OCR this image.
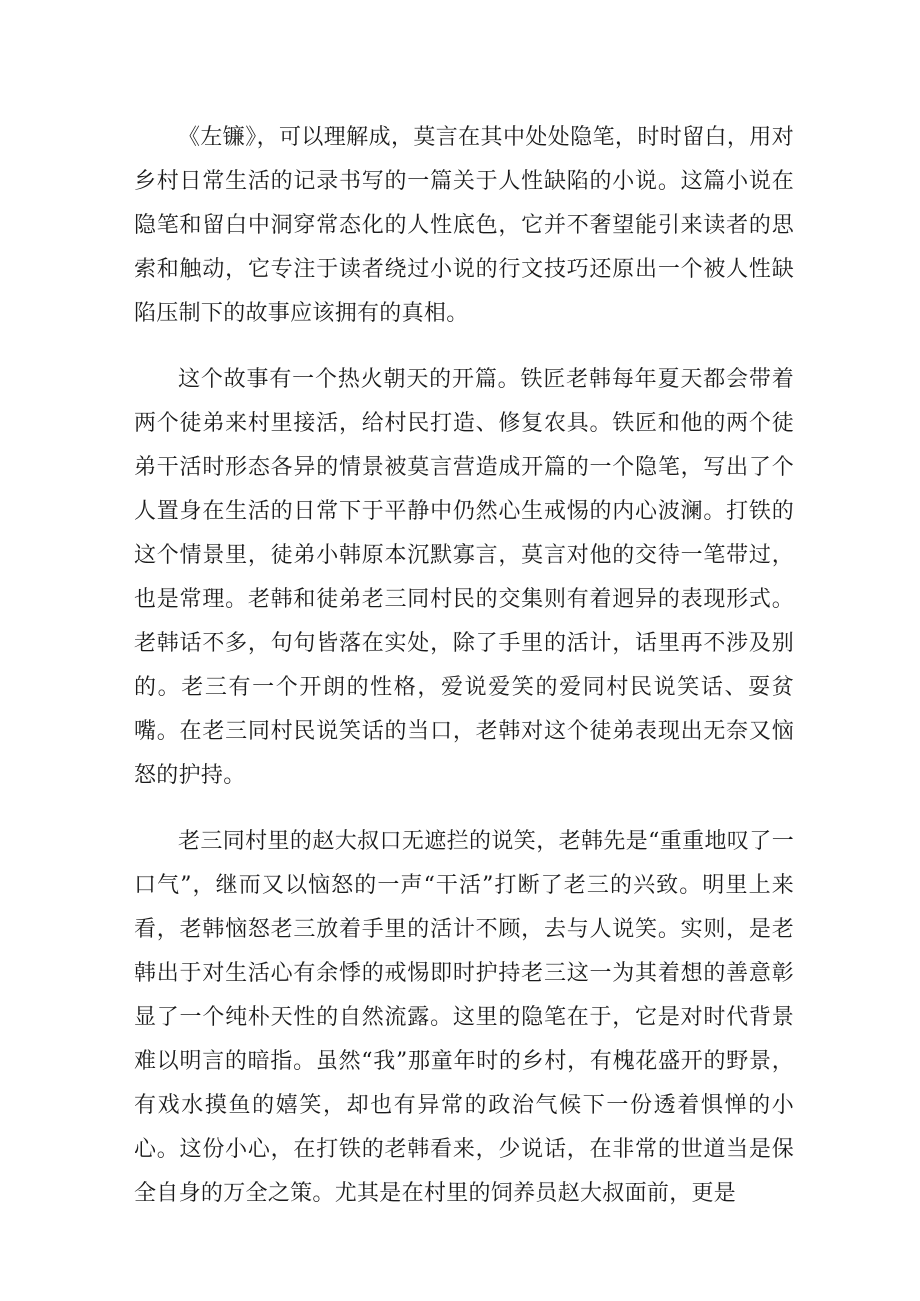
《左镰》，可以理解成，莫言在其中处处隐笔，时时留白，用对乡村日常生活的记录书写的一篇关于人性缺陷的小说。这篇小说在隐笔和留白中洞穿常态化的人性底色，它并不奢望能引来读者的思索和触动，它专注于读者绕过小说的行文技巧还原出一个被人性缺陷压制下的故事应该拥有的真相。

这个故事有一个热火朝天的开篇。铁匠老韩每年夏天都会带着两个徒弟来村里接活，给村民打造、修复农具。铁匠和他的两个徒弟干活时形态各异的情景被莫言营造成开篇的一个隐笔，写出了个人置身在生活的日常下于平静中仍然心生戒惕的内心波澜。打铁的这个情景里，徒弟小韩原本沉默寡言，莫言对他的交待一笔带过，也是常理。老韩和徒弟老三同村民的交集则有着迥异的表现形式。老韩话不多，句句皆落在实处，除了手里的活计，话里再不涉及别的。老三有一个开朗的性格，爱说爱笑的爱同村民说笑话、耍贫嘴。在老三同村民说笑话的当口，老韩对这个徒弟表现出无奈又恼怒的护持。

老三同村里的赵大叔口无遮拦的说笑，老韩先是“重重地叹了一口气”，继而又以恼怒的一声“干活”打断了老三的兴致。明里上来看，老韩恼怒老三放着手里的活计不顾，去与人说笑。实则，是老韩出于对生活心有余悸的戒惕即时护持老三这一为其着想的善意彰显了一个纯朴天性的自然流露。这里的隐笔在于，它是对时代背景难以明言的暗指。虽然“我”那童年时的乡村，有槐花盛开的野景，有戏水摸鱼的嬉笑，却也有异常的政治气候下一份透着惧惮的小心。这份小心，在打铁的老韩看来，少说话，在非常的世道当是保全自身的万全之策。尤其是在村里的饲养员赵大叔面前，更是
